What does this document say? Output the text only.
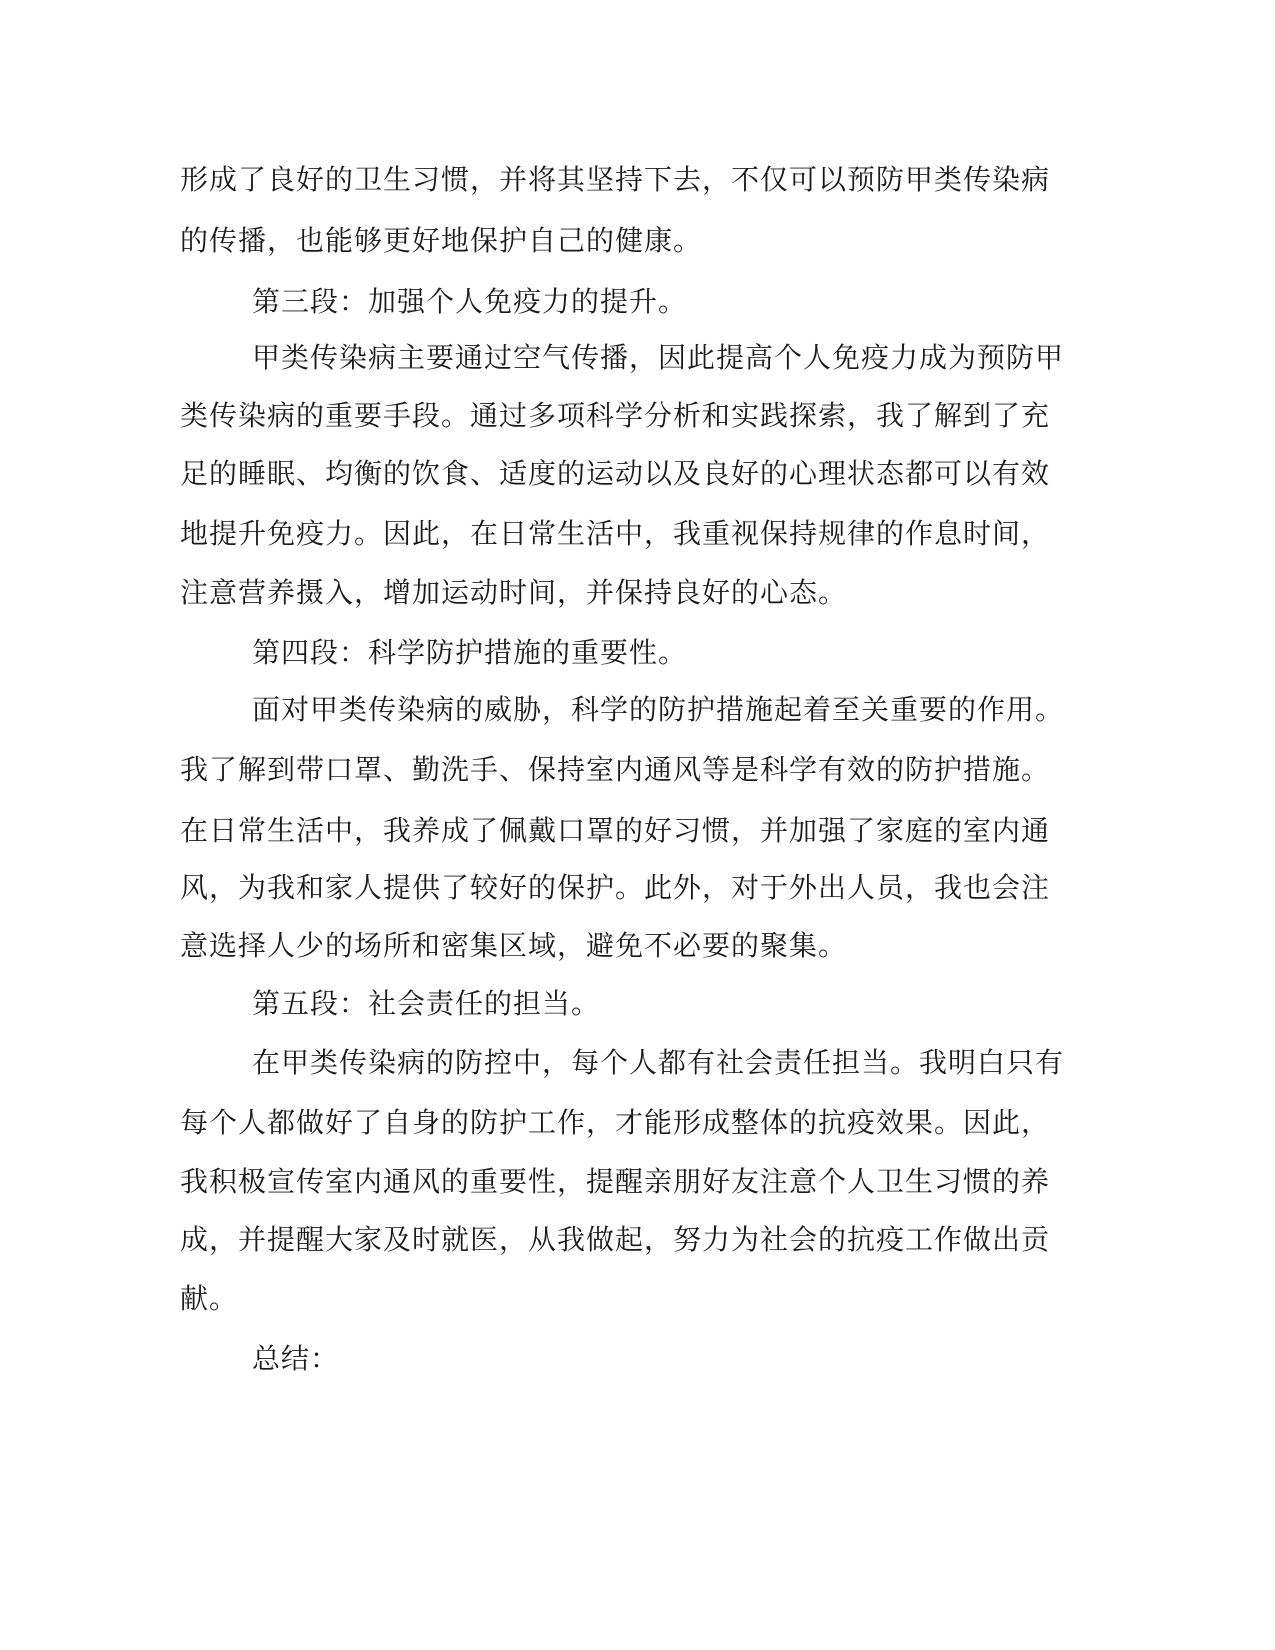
形成了良好的卫生习惯，并将其坚持下去，不仅可以预防甲类传染病
的传播，也能够更好地保护自己的健康。
第三段：加强个人免疫力的提升。
甲类传染病主要通过空气传播，因此提高个人免疫力成为预防甲
类传染病的重要手段。通过多项科学分析和实践探索，我了解到了充
足的睡眠、均衡的饮食、适度的运动以及良好的心理状态都可以有效
地提升免疫力。因此，在日常生活中，我重视保持规律的作息时间，
注意营养摄入，增加运动时间，并保持良好的心态。
第四段：科学防护措施的重要性。
面对甲类传染病的威胁，科学的防护措施起着至关重要的作用。
我了解到带口罩、勤洗手、保持室内通风等是科学有效的防护措施。
在日常生活中，我养成了佩戴口罩的好习惯，并加强了家庭的室内通
风，为我和家人提供了较好的保护。此外，对于外出人员，我也会注
意选择人少的场所和密集区域，避免不必要的聚集。
第五段：社会责任的担当。
在甲类传染病的防控中，每个人都有社会责任担当。我明白只有
每个人都做好了自身的防护工作，才能形成整体的抗疫效果。因此，
我积极宣传室内通风的重要性，提醒亲朋好友注意个人卫生习惯的养
成，并提醒大家及时就医，从我做起，努力为社会的抗疫工作做出贡
献。
总结：
